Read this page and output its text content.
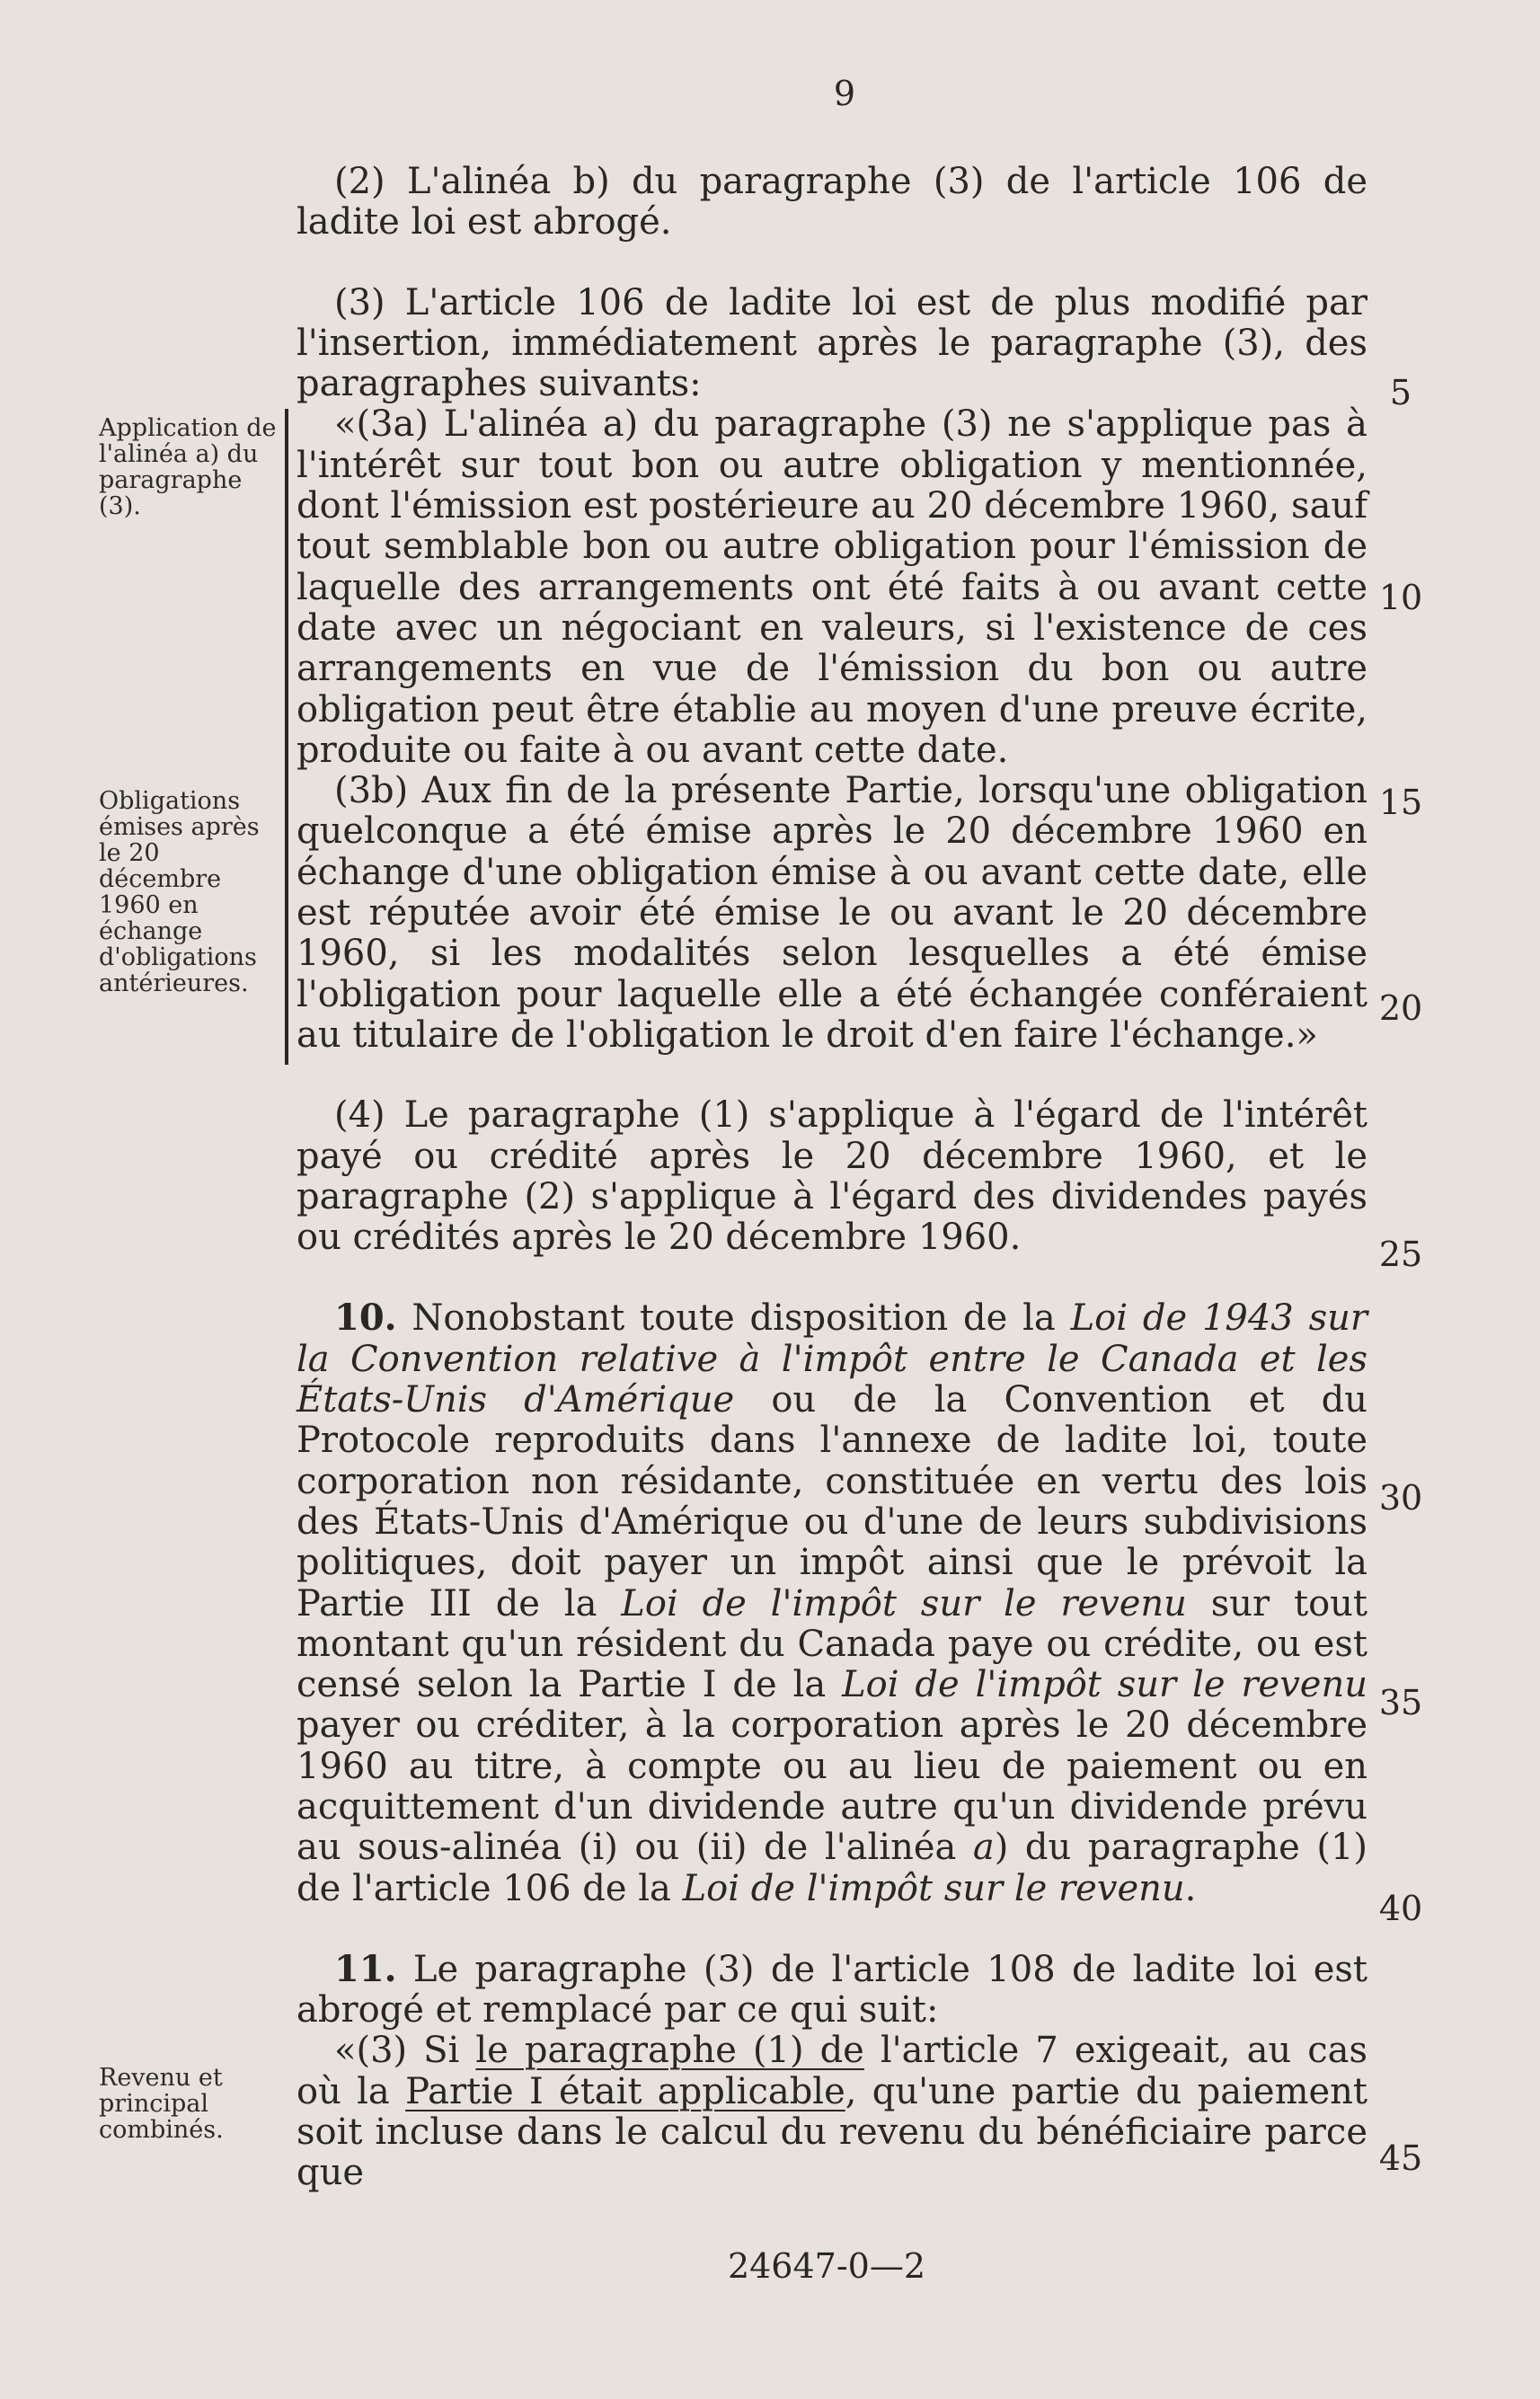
9
Application de l'alinéa a) du paragraphe (3).
Obligations émises après le 20 décembre 1960 en échange d'obligations antérieures.
Revenu et principal combinés.

(2) L'alinéa b) du paragraphe (3) de l'article 106 de ladite loi est abrogé.

(3) L'article 106 de ladite loi est de plus modifié par l'insertion, immédiatement après le paragraphe (3), des paragraphes suivants:

«(3a) L'alinéa a) du paragraphe (3) ne s'applique pas à l'intérêt sur tout bon ou autre obligation y mentionnée, dont l'émission est postérieure au 20 décembre 1960, sauf tout semblable bon ou autre obligation pour l'émission de laquelle des arrangements ont été faits à ou avant cette date avec un négociant en valeurs, si l'existence de ces arrangements en vue de l'émission du bon ou autre obligation peut être établie au moyen d'une preuve écrite, produite ou faite à ou avant cette date.

(3b) Aux fin de la présente Partie, lorsqu'une obligation quelconque a été émise après le 20 décembre 1960 en échange d'une obligation émise à ou avant cette date, elle est réputée avoir été émise le ou avant le 20 décembre 1960, si les modalités selon lesquelles a été émise l'obligation pour laquelle elle a été échangée conféraient au titulaire de l'obligation le droit d'en faire l'échange.»

(4) Le paragraphe (1) s'applique à l'égard de l'intérêt payé ou crédité après le 20 décembre 1960, et le paragraphe (2) s'applique à l'égard des dividendes payés ou crédités après le 20 décembre 1960.

10. Nonobstant toute disposition de la Loi de 1943 sur la Convention relative à l'impôt entre le Canada et les États-Unis d'Amérique ou de la Convention et du Protocole reproduits dans l'annexe de ladite loi, toute corporation non résidante, constituée en vertu des lois des États-Unis d'Amérique ou d'une de leurs subdivisions politiques, doit payer un impôt ainsi que le prévoit la Partie III de la Loi de l'impôt sur le revenu sur tout montant qu'un résident du Canada paye ou crédite, ou est censé selon la Partie I de la Loi de l'impôt sur le revenu payer ou créditer, à la corporation après le 20 décembre 1960 au titre, à compte ou au lieu de paiement ou en acquittement d'un dividende autre qu'un dividende prévu au sous-alinéa (i) ou (ii) de l'alinéa a) du paragraphe (1) de l'article 106 de la Loi de l'impôt sur le revenu.

11. Le paragraphe (3) de l'article 108 de ladite loi est abrogé et remplacé par ce qui suit:

«(3) Si le paragraphe (1) de l'article 7 exigeait, au cas où la Partie I était applicable, qu'une partie du paiement soit incluse dans le calcul du revenu du bénéficiaire parce que

5
10
15
20
25
30
35
40
45
24647-0—2
